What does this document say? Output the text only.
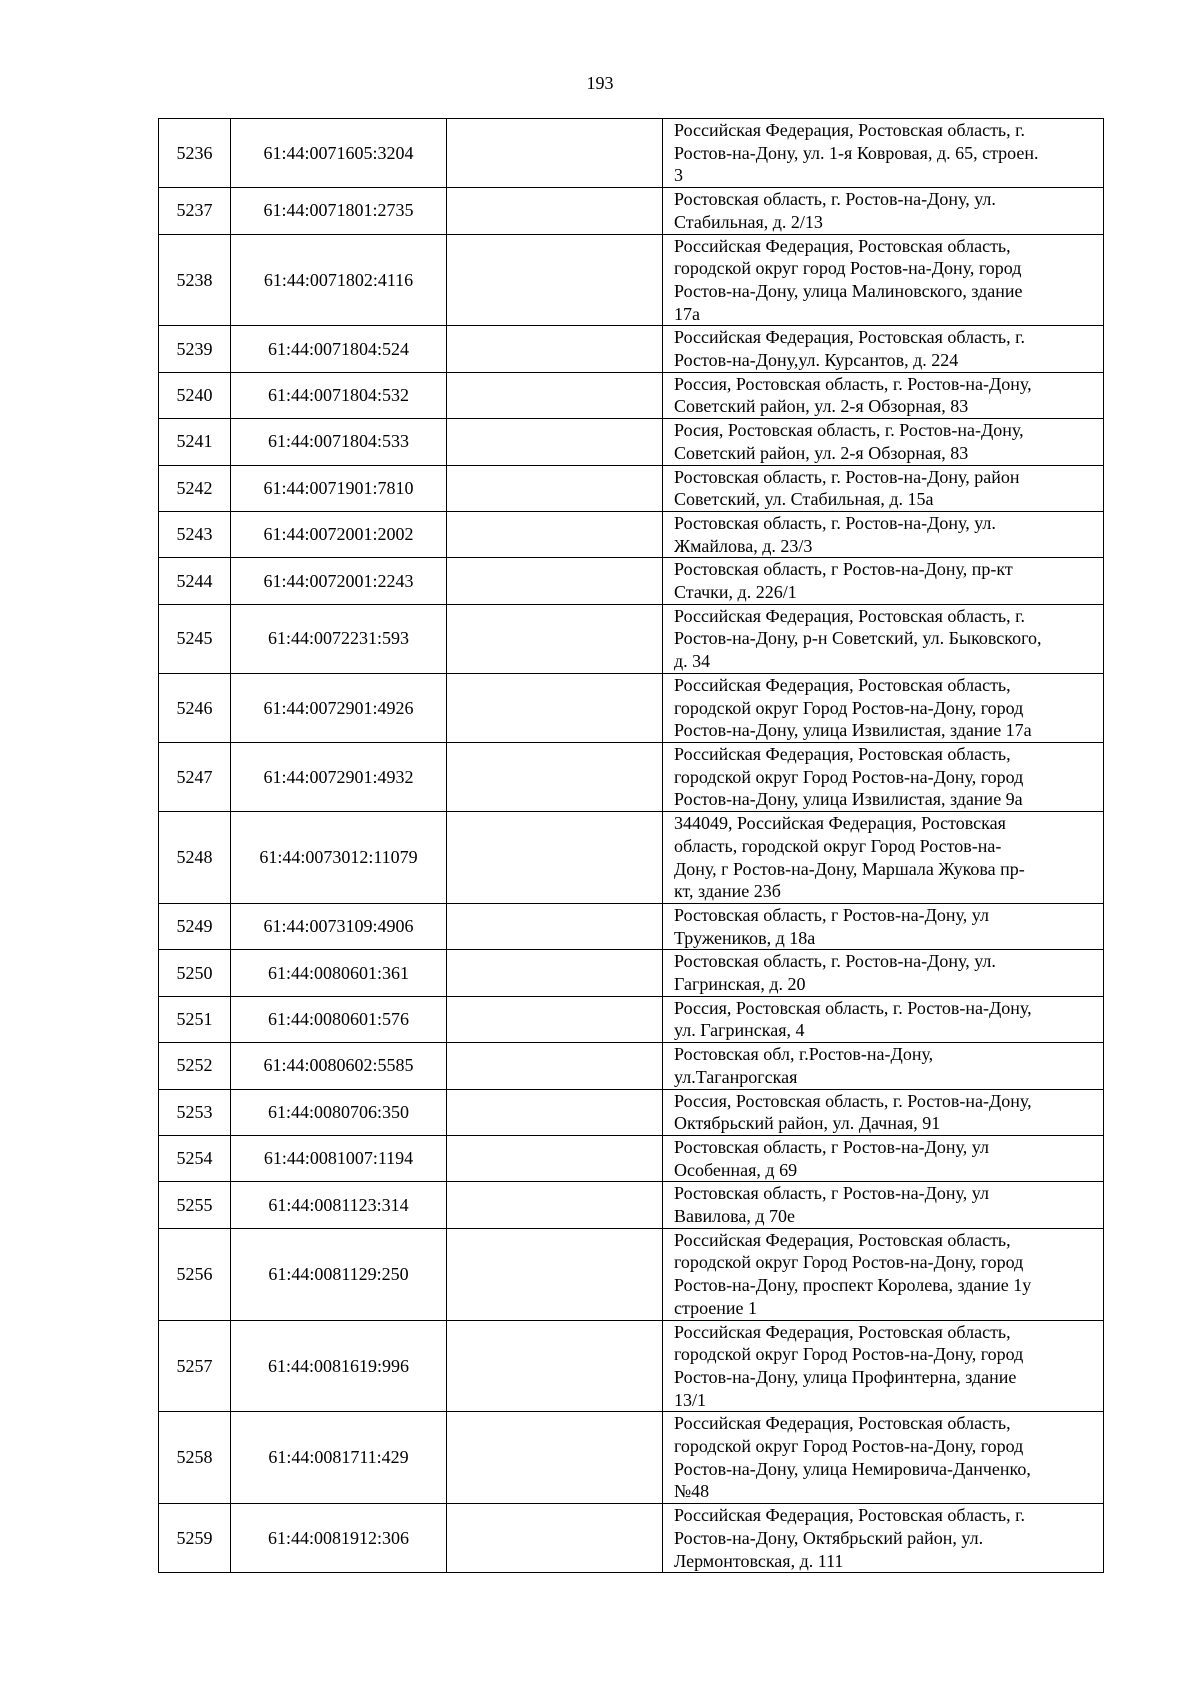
193
5236	61:44:0071605:3204		Российская Федерация, Ростовская область, г.
Ростов-на-Дону, ул. 1-я Ковровая, д. 65, строен.
3

5237	61:44:0071801:2735		Ростовская область, г. Ростов-на-Дону, ул.
Стабильная, д. 2/13

5238	61:44:0071802:4116		Российская Федерация, Ростовская область,
городской округ город Ростов-на-Дону, город
Ростов-на-Дону, улица Малиновского, здание
17а

5239	61:44:0071804:524		Российская Федерация, Ростовская область, г.
Ростов-на-Дону,ул. Курсантов, д. 224

5240	61:44:0071804:532		Россия, Ростовская область, г. Ростов-на-Дону,
Советский район, ул. 2-я Обзорная, 83

5241	61:44:0071804:533		Росия, Ростовская область, г. Ростов-на-Дону,
Советский район, ул. 2-я Обзорная, 83

5242	61:44:0071901:7810		Ростовская область, г. Ростов-на-Дону, район
Советский, ул. Стабильная, д. 15а

5243	61:44:0072001:2002		Ростовская область, г. Ростов-на-Дону, ул.
Жмайлова, д. 23/3

5244	61:44:0072001:2243		Ростовская область, г Ростов-на-Дону, пр-кт
Стачки, д. 226/1

5245	61:44:0072231:593		Российская Федерация, Ростовская область, г.
Ростов-на-Дону, р-н Советский, ул. Быковского,
д. 34

5246	61:44:0072901:4926		Российская Федерация, Ростовская область,
городской округ Город Ростов-на-Дону, город
Ростов-на-Дону, улица Извилистая, здание 17а

5247	61:44:0072901:4932		Российская Федерация, Ростовская область,
городской округ Город Ростов-на-Дону, город
Ростов-на-Дону, улица Извилистая, здание 9а

5248	61:44:0073012:11079		344049, Российская Федерация, Ростовская
область, городской округ Город Ростов-на-
Дону, г Ростов-на-Дону, Маршала Жукова пр-
кт, здание 23б

5249	61:44:0073109:4906		Ростовская область, г Ростов-на-Дону, ул
Тружеников, д 18а

5250	61:44:0080601:361		Ростовская область, г. Ростов-на-Дону, ул.
Гагринская, д. 20

5251	61:44:0080601:576		Россия, Ростовская область, г. Ростов-на-Дону,
ул. Гагринская, 4

5252	61:44:0080602:5585		Ростовская обл, г.Ростов-на-Дону,
ул.Таганрогская

5253	61:44:0080706:350		Россия, Ростовская область, г. Ростов-на-Дону,
Октябрьский район, ул. Дачная, 91

5254	61:44:0081007:1194		Ростовская область, г Ростов-на-Дону, ул
Особенная, д 69

5255	61:44:0081123:314		Ростовская область, г Ростов-на-Дону, ул
Вавилова, д 70е

5256	61:44:0081129:250		Российская Федерация, Ростовская область,
городской округ Город Ростов-на-Дону, город
Ростов-на-Дону, проспект Королева, здание 1у
строение 1

5257	61:44:0081619:996		Российская Федерация, Ростовская область,
городской округ Город Ростов-на-Дону, город
Ростов-на-Дону, улица Профинтерна, здание
13/1

5258	61:44:0081711:429		Российская Федерация, Ростовская область,
городской округ Город Ростов-на-Дону, город
Ростов-на-Дону, улица Немировича-Данченко,
№48

5259	61:44:0081912:306		Российская Федерация, Ростовская область, г.
Ростов-на-Дону, Октябрьский район, ул.
Лермонтовская, д. 111
